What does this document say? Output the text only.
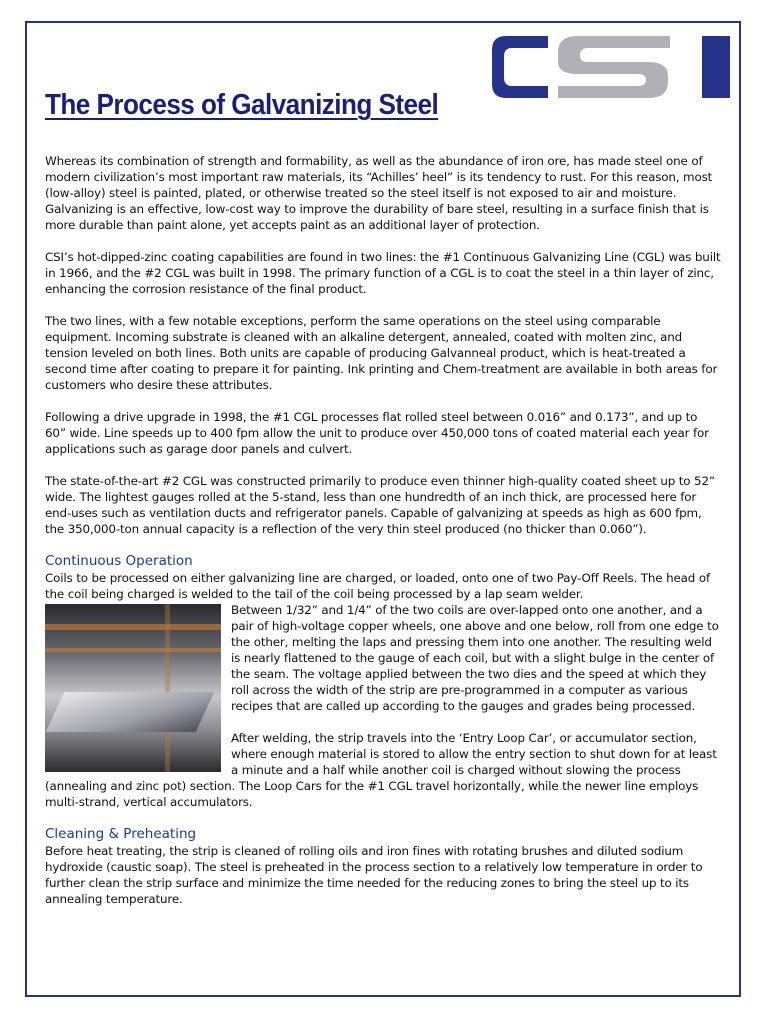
CSI
The Process of Galvanizing Steel

Whereas its combination of strength and formability, as well as the abundance of iron ore, has made steel one of modern civilization’s most important raw materials, its “Achilles’ heel” is its tendency to rust. For this reason, most (low-alloy) steel is painted, plated, or otherwise treated so the steel itself is not exposed to air and moisture. Galvanizing is an effective, low-cost way to improve the durability of bare steel, resulting in a surface finish that is more durable than paint alone, yet accepts paint as an additional layer of protection.

CSI’s hot-dipped-zinc coating capabilities are found in two lines: the #1 Continuous Galvanizing Line (CGL) was built in 1966, and the #2 CGL was built in 1998. The primary function of a CGL is to coat the steel in a thin layer of zinc, enhancing the corrosion resistance of the final product.

The two lines, with a few notable exceptions, perform the same operations on the steel using comparable equipment. Incoming substrate is cleaned with an alkaline detergent, annealed, coated with molten zinc, and tension leveled on both lines. Both units are capable of producing Galvanneal product, which is heat-treated a second time after coating to prepare it for painting. Ink printing and Chem-treatment are available in both areas for customers who desire these attributes.

Following a drive upgrade in 1998, the #1 CGL processes flat rolled steel between 0.016” and 0.173”, and up to 60” wide. Line speeds up to 400 fpm allow the unit to produce over 450,000 tons of coated material each year for applications such as garage door panels and culvert.

The state-of-the-art #2 CGL was constructed primarily to produce even thinner high-quality coated sheet up to 52” wide. The lightest gauges rolled at the 5-stand, less than one hundredth of an inch thick, are processed here for end-uses such as ventilation ducts and refrigerator panels. Capable of galvanizing at speeds as high as 600 fpm, the 350,000-ton annual capacity is a reflection of the very thin steel produced (no thicker than 0.060”).

Continuous Operation

Coils to be processed on either galvanizing line are charged, or loaded, onto one of two Pay-Off Reels. The head of the coil being charged is welded to the tail of the coil being processed by a lap seam welder.

Between 1/32” and 1/4” of the two coils are over-lapped onto one another, and a pair of high-voltage copper wheels, one above and one below, roll from one edge to the other, melting the laps and pressing them into one another. The resulting weld is nearly flattened to the gauge of each coil, but with a slight bulge in the center of the seam. The voltage applied between the two dies and the speed at which they roll across the width of the strip are pre-programmed in a computer as various recipes that are called up according to the gauges and grades being processed.

After welding, the strip travels into the ‘Entry Loop Car’, or accumulator section, where enough material is stored to allow the entry section to shut down for at least a minute and a half while another coil is charged without slowing the process (annealing and zinc pot) section. The Loop Cars for the #1 CGL travel horizontally, while the newer line employs multi-strand, vertical accumulators.

Cleaning & Preheating

Before heat treating, the strip is cleaned of rolling oils and iron fines with rotating brushes and diluted sodium hydroxide (caustic soap). The steel is preheated in the process section to a relatively low temperature in order to further clean the strip surface and minimize the time needed for the reducing zones to bring the steel up to its annealing temperature.
